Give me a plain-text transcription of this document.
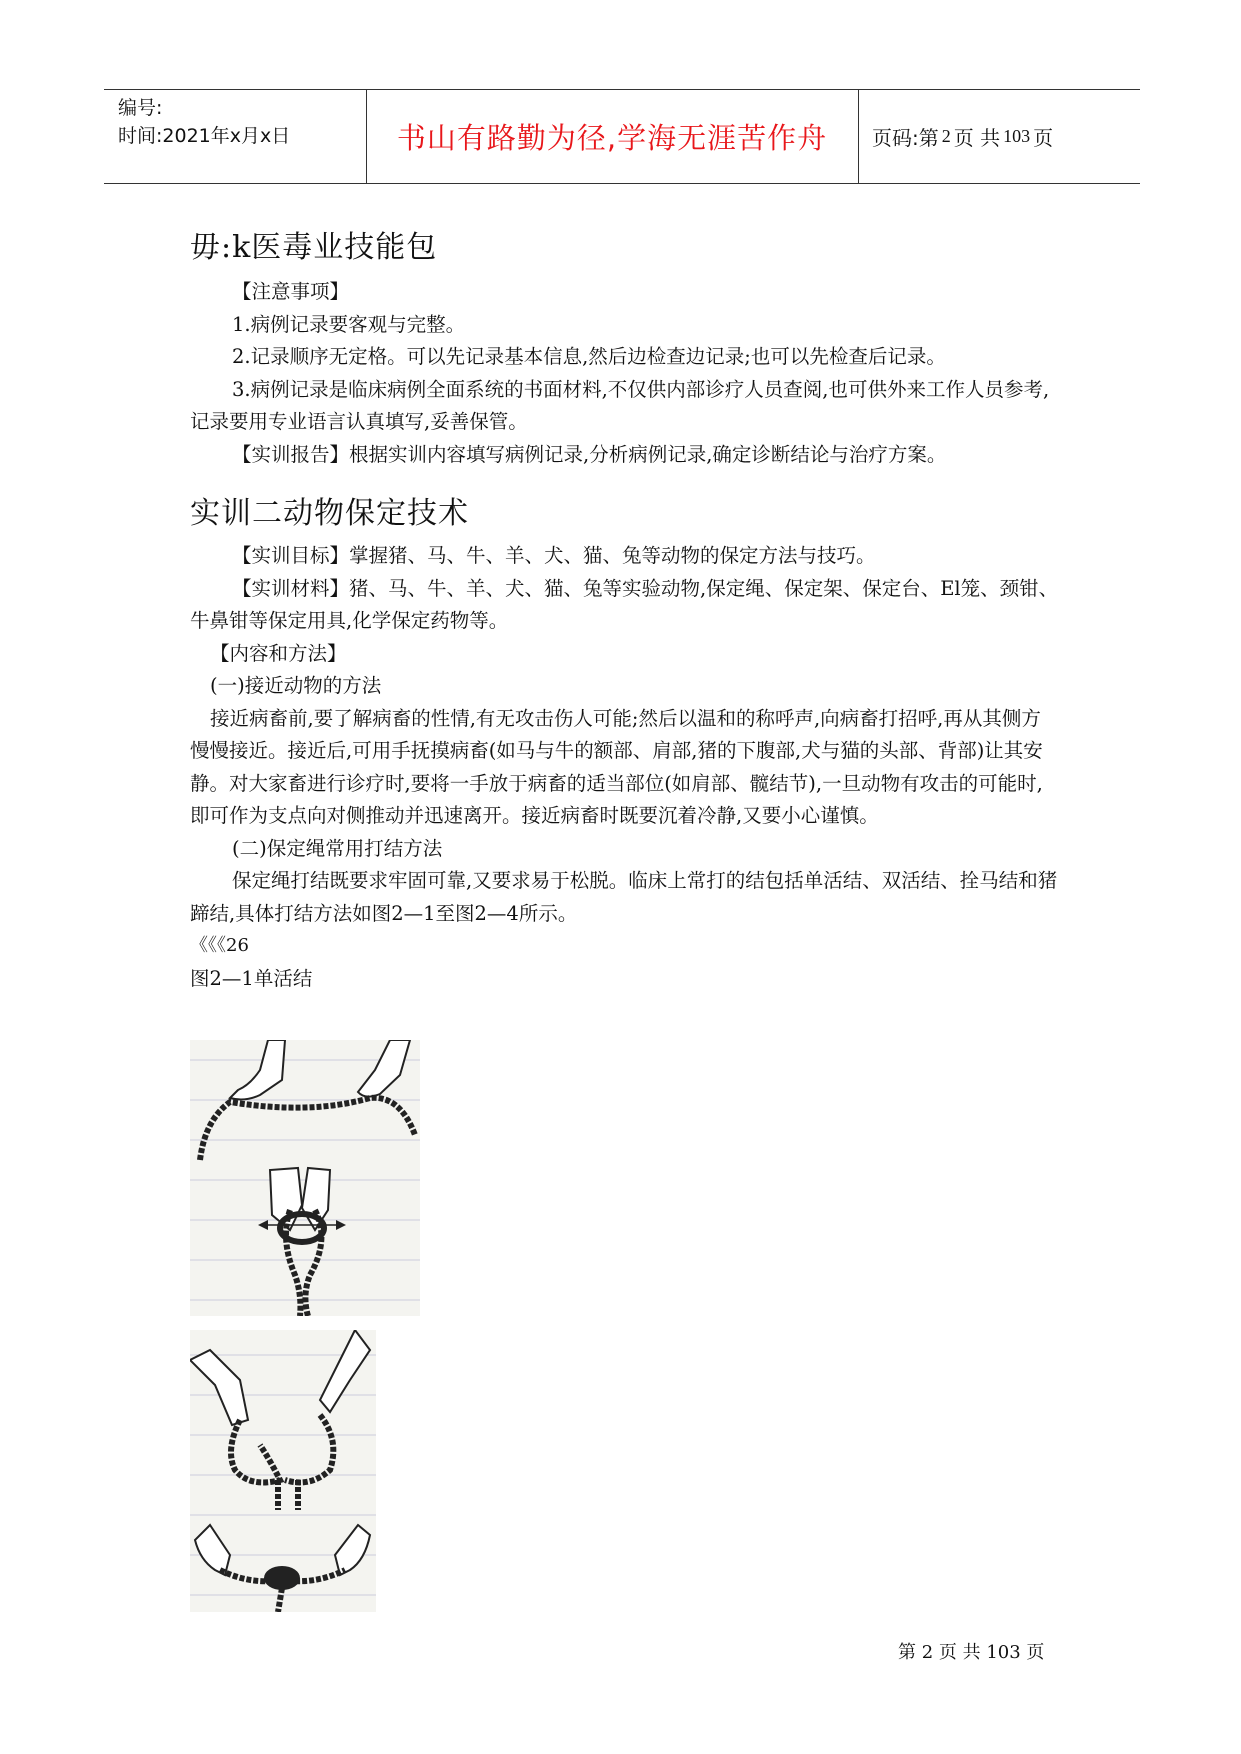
编号:
时间:2021年x月x日	书山有路勤为径,学海无涯苦作舟	页码:第 2 页 共 103 页
毋:k医毒业技能包

【注意事项】

1.病例记录要客观与完整。

2.记录顺序无定格。可以先记录基本信息,然后边检查边记录;也可以先检查后记录。

3.病例记录是临床病例全面系统的书面材料,不仅供内部诊疗人员查阅,也可供外来工作人员参考,记录要用专业语言认真填写,妥善保管。

【实训报告】根据实训内容填写病例记录,分析病例记录,确定诊断结论与治疗方案。

实训二动物保定技术

【实训目标】掌握猪、马、牛、羊、犬、猫、兔等动物的保定方法与技巧。

【实训材料】猪、马、牛、羊、犬、猫、兔等实验动物,保定绳、保定架、保定台、El笼、颈钳、牛鼻钳等保定用具,化学保定药物等。

【内容和方法】

(一)接近动物的方法

接近病畜前,要了解病畜的性情,有无攻击伤人可能;然后以温和的称呼声,向病畜打招呼,再从其侧方慢慢接近。接近后,可用手抚摸病畜(如马与牛的额部、肩部,猪的下腹部,犬与猫的头部、背部)让其安静。对大家畜进行诊疗时,要将一手放于病畜的适当部位(如肩部、髋结节),一旦动物有攻击的可能时,即可作为支点向对侧推动并迅速离开。接近病畜时既要沉着冷静,又要小心谨慎。

(二)保定绳常用打结方法

保定绳打结既要求牢固可靠,又要求易于松脱。临床上常打的结包括单活结、双活结、拴马结和猪蹄结,具体打结方法如图2—1至图2—4所示。

《《《26

图2—1单活结

第 2 页 共 103 页
